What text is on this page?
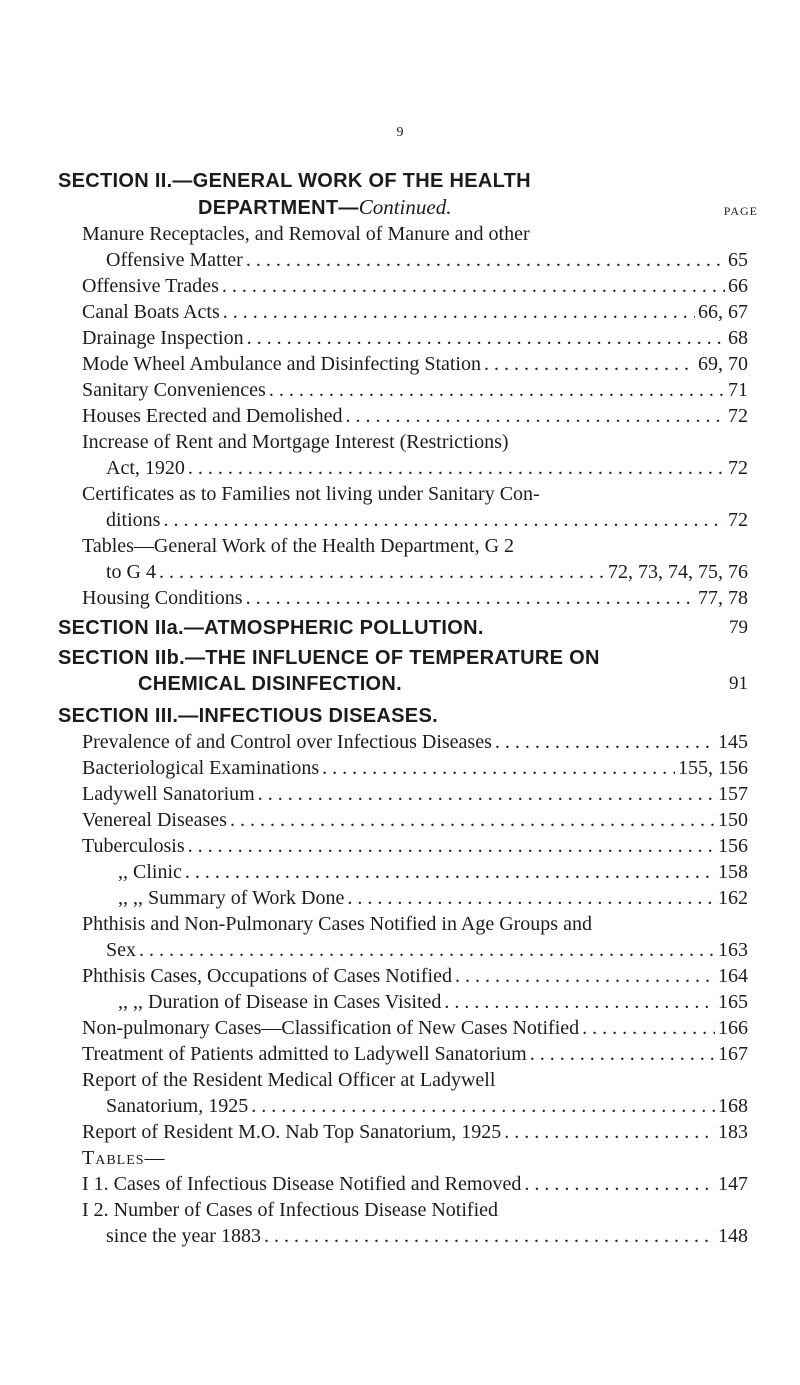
9
SECTION II.—GENERAL WORK OF THE HEALTH
DEPARTMENT—Continued.	PAGE
Manure Receptacles, and Removal of Manure and other
Offensive Matter . . .	65
Offensive Trades . . .	66
Canal Boats Acts . . .	66, 67
Drainage Inspection . . .	68
Mode Wheel Ambulance and Disinfecting Station . . .	69, 70
Sanitary Conveniences . . .	71
Houses Erected and Demolished . . .	72
Increase of Rent and Mortgage Interest (Restrictions)
Act, 1920 . . .	72
Certificates as to Families not living under Sanitary Con-
ditions . . .	72
Tables—General Work of the Health Department, G 2
to G 4 . . .	72, 73, 74, 75, 76
Housing Conditions . . .	77, 78
SECTION IIa.—ATMOSPHERIC POLLUTION.	79
SECTION IIb.—THE INFLUENCE OF TEMPERATURE ON
CHEMICAL DISINFECTION.	91
SECTION III.—INFECTIOUS DISEASES.
Prevalence of and Control over Infectious Diseases . . .	145
Bacteriological Examinations . . .	155, 156
Ladywell Sanatorium . . .	157
Venereal Diseases . . .	150
Tuberculosis . . .	156
,, Clinic . . .	158
,, ,, Summary of Work Done . . .	162
Phthisis and Non-Pulmonary Cases Notified in Age Groups and
Sex . . .	163
Phthisis Cases, Occupations of Cases Notified . . .	164
,, ,, Duration of Disease in Cases Visited . . .	165
Non-pulmonary Cases—Classification of New Cases Notified . . .	166
Treatment of Patients admitted to Ladywell Sanatorium . . .	167
Report of the Resident Medical Officer at Ladywell
Sanatorium, 1925 . . .	168
Report of Resident M.O. Nab Top Sanatorium, 1925 . . .	183
Tables—
I 1. Cases of Infectious Disease Notified and Removed . . .	147
I 2. Number of Cases of Infectious Disease Notified
since the year 1883 . . .	148
